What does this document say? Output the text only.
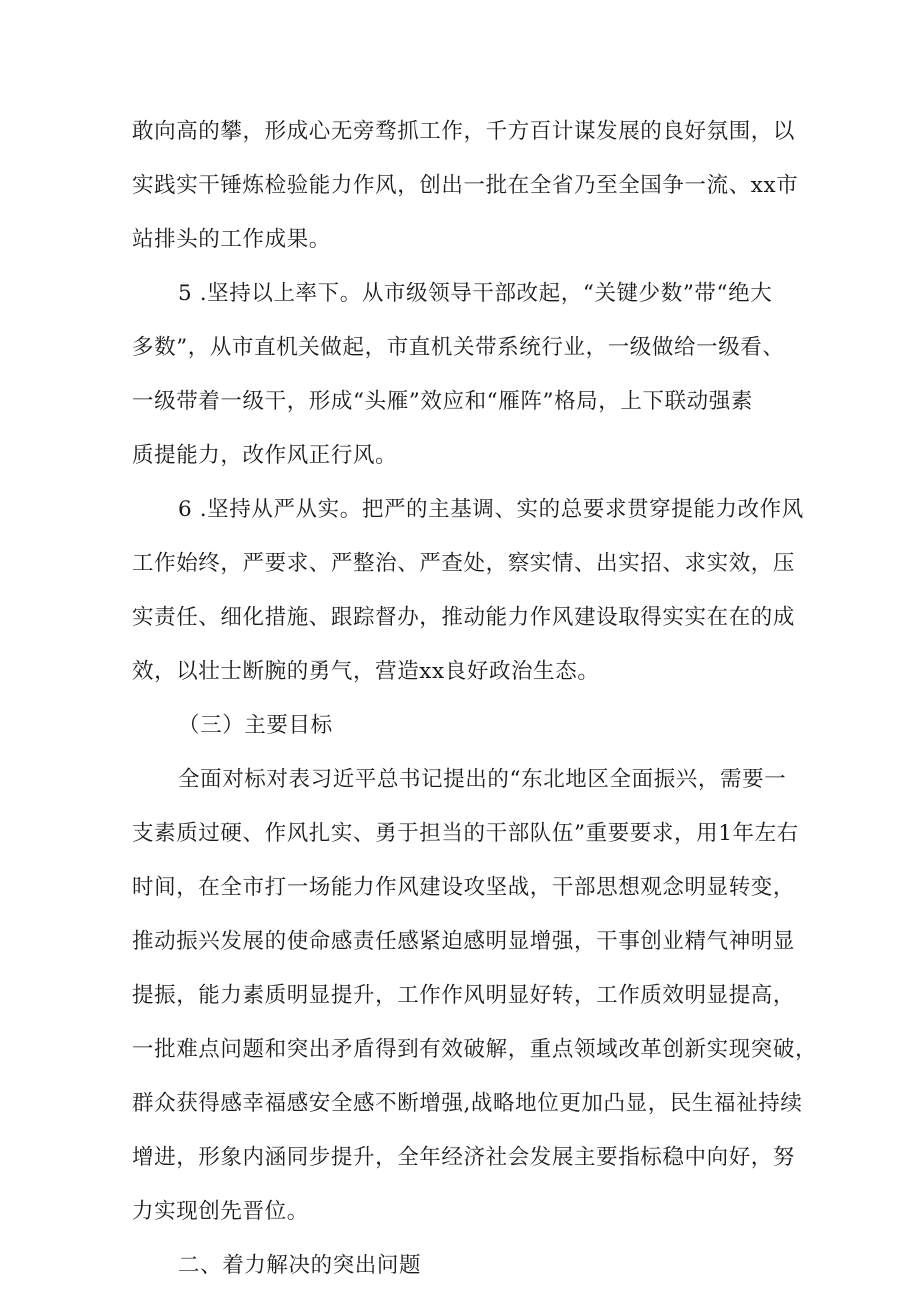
敢向高的攀，形成心无旁骛抓工作，千方百计谋发展的良好氛围，以
实践实干锤炼检验能力作风，创出一批在全省乃至全国争一流、xx市
站排头的工作成果。
5 .坚持以上率下。从市级领导干部改起，“关键少数”带“绝大
多数”，从市直机关做起，市直机关带系统行业，一级做给一级看、
一级带着一级干，形成“头雁”效应和“雁阵”格局，上下联动强素
质提能力，改作风正行风。
6 .坚持从严从实。把严的主基调、实的总要求贯穿提能力改作风
工作始终，严要求、严整治、严查处，察实情、出实招、求实效，压
实责任、细化措施、跟踪督办，推动能力作风建设取得实实在在的成
效，以壮士断腕的勇气，营造xx良好政治生态。
（三）主要目标
全面对标对表习近平总书记提出的“东北地区全面振兴，需要一
支素质过硬、作风扎实、勇于担当的干部队伍”重要要求，用1年左右
时间，在全市打一场能力作风建设攻坚战，干部思想观念明显转变，
推动振兴发展的使命感责任感紧迫感明显增强，干事创业精气神明显
提振，能力素质明显提升，工作作风明显好转，工作质效明显提高，
一批难点问题和突出矛盾得到有效破解，重点领域改革创新实现突破，
群众获得感幸福感安全感不断增强,战略地位更加凸显，民生福祉持续
增进，形象内涵同步提升，全年经济社会发展主要指标稳中向好，努
力实现创先晋位。
二、着力解决的突出问题
